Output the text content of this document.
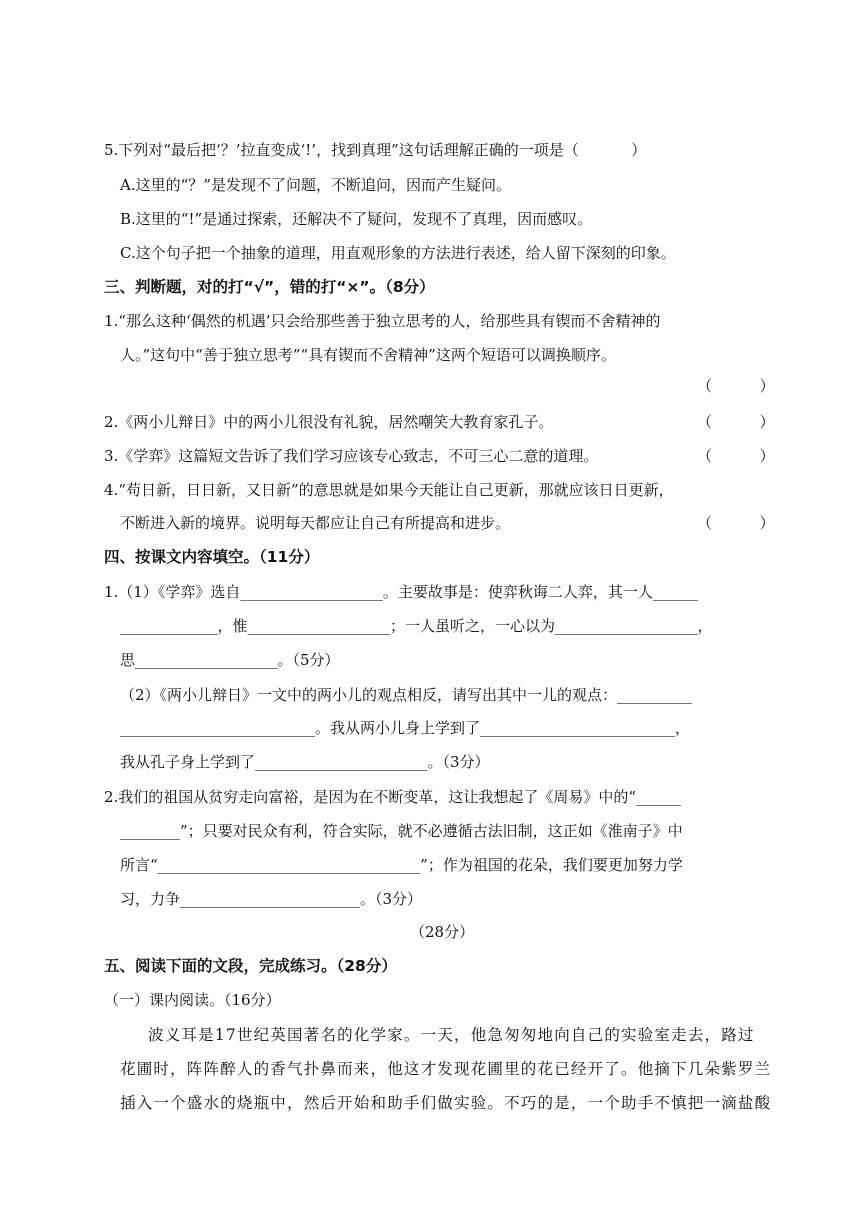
5.下列对“最后把‘？’拉直变成‘!’，找到真理”这句话理解正确的一项是（           ）
A.这里的“？”是发现不了问题，不断追问，因而产生疑问。
B.这里的“!”是通过探索，还解决不了疑问，发现不了真理，因而感叹。
C.这个句子把一个抽象的道理，用直观形象的方法进行表述，给人留下深刻的印象。
三、判断题，对的打“√”，错的打“×”。（8分）
1.“那么这种‘偶然的机遇’只会给那些善于独立思考的人，给那些具有锲而不舍精神的
人。”这句中“善于独立思考”“具有锲而不舍精神”这两个短语可以调换顺序。
（          ）
2.《两小儿辩日》中的两小儿很没有礼貌，居然嘲笑大教育家孔子。	（          ）
3.《学弈》这篇短文告诉了我们学习应该专心致志，不可三心二意的道理。	（          ）
4.“苟日新，日日新，又日新”的意思就是如果今天能让自己更新，那就应该日日更新，
不断进入新的境界。说明每天都应让自己有所提高和进步。	（          ）
四、按课文内容填空。（11分）
1.（1）《学弈》选自___________________。主要故事是：使弈秋诲二人弈，其一人______
_____________，惟___________________；一人虽听之，一心以为___________________，
思___________________。（5分）
（2）《两小儿辩日》一文中的两小儿的观点相反，请写出其中一儿的观点：__________
__________________________。我从两小儿身上学到了__________________________，
我从孔子身上学到了_______________________。（3分）
2.我们的祖国从贫穷走向富裕，是因为在不断变革，这让我想起了《周易》中的“______
________”；只要对民众有利，符合实际，就不必遵循古法旧制，这正如《淮南子》中
所言“___________________________________”；作为祖国的花朵，我们要更加努力学
习，力争________________________。（3分）
（28分）
五、阅读下面的文段，完成练习。（28分）
（一）课内阅读。（16分）
波义耳是17世纪英国著名的化学家。一天，他急匆匆地向自己的实验室走去，路过
花圃时，阵阵醉人的香气扑鼻而来，他这才发现花圃里的花已经开了。他摘下几朵紫罗兰
插入一个盛水的烧瓶中，然后开始和助手们做实验。不巧的是，一个助手不慎把一滴盐酸
